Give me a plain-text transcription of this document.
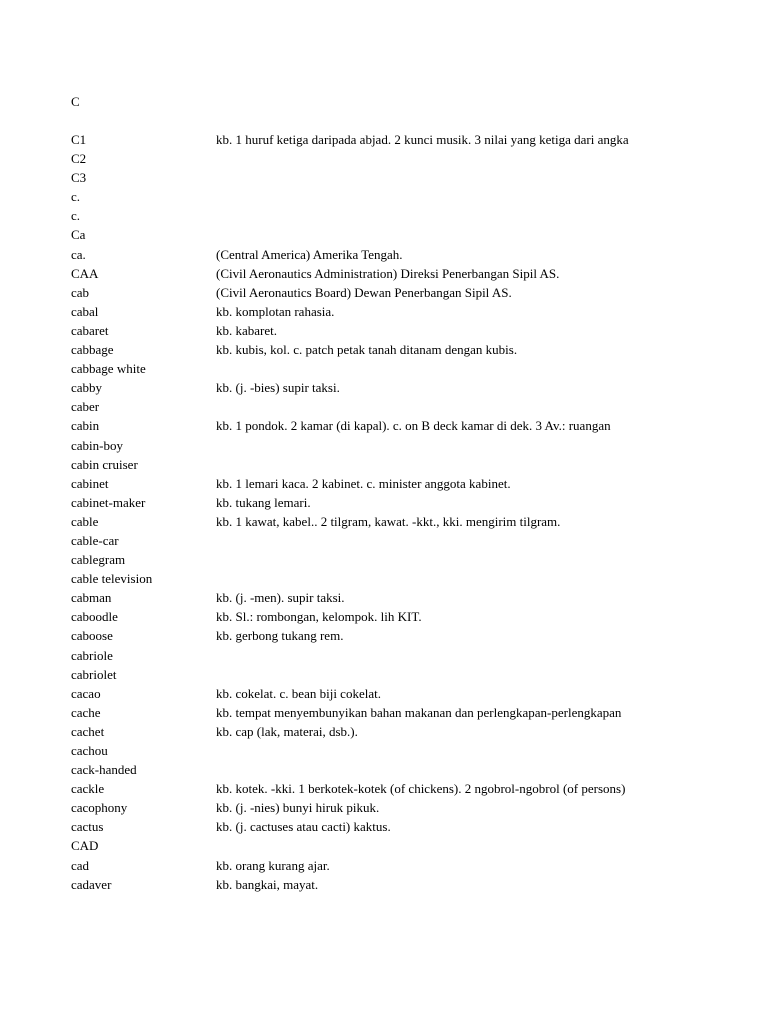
C
C1	kb. 1 huruf ketiga daripada abjad. 2 kunci musik. 3 nilai yang ketiga dari angka
C2
C3
c.
c.
Ca
ca.	(Central America) Amerika Tengah.
CAA	(Civil Aeronautics Administration) Direksi Penerbangan Sipil AS.
cab	(Civil Aeronautics Board) Dewan Penerbangan Sipil AS.
cabal	kb. komplotan rahasia.
cabaret	kb. kabaret.
cabbage	kb. kubis, kol. c. patch petak tanah ditanam dengan kubis.
cabbage white
cabby	kb. (j. -bies) supir taksi.
caber
cabin	kb. 1 pondok. 2 kamar (di kapal). c. on B deck kamar di dek. 3 Av.: ruangan
cabin-boy
cabin cruiser
cabinet	kb. 1 lemari kaca. 2 kabinet. c. minister anggota kabinet.
cabinet-maker	kb. tukang lemari.
cable	kb. 1 kawat, kabel.. 2 tilgram, kawat. -kkt., kki. mengirim tilgram.
cable-car
cablegram
cable television
cabman	kb. (j. -men). supir taksi.
caboodle	kb. Sl.: rombongan, kelompok. lih KIT.
caboose	kb. gerbong tukang rem.
cabriole
cabriolet
cacao	kb. cokelat. c. bean biji cokelat.
cache	kb. tempat menyembunyikan bahan makanan dan perlengkapan-perlengkapan
cachet	kb. cap (lak, materai, dsb.).
cachou
cack-handed
cackle	kb. kotek. -kki. 1 berkotek-kotek (of chickens). 2 ngobrol-ngobrol (of persons)
cacophony	kb. (j. -nies) bunyi hiruk pikuk.
cactus	kb. (j. cactuses atau cacti) kaktus.
CAD
cad	kb. orang kurang ajar.
cadaver	kb. bangkai, mayat.
